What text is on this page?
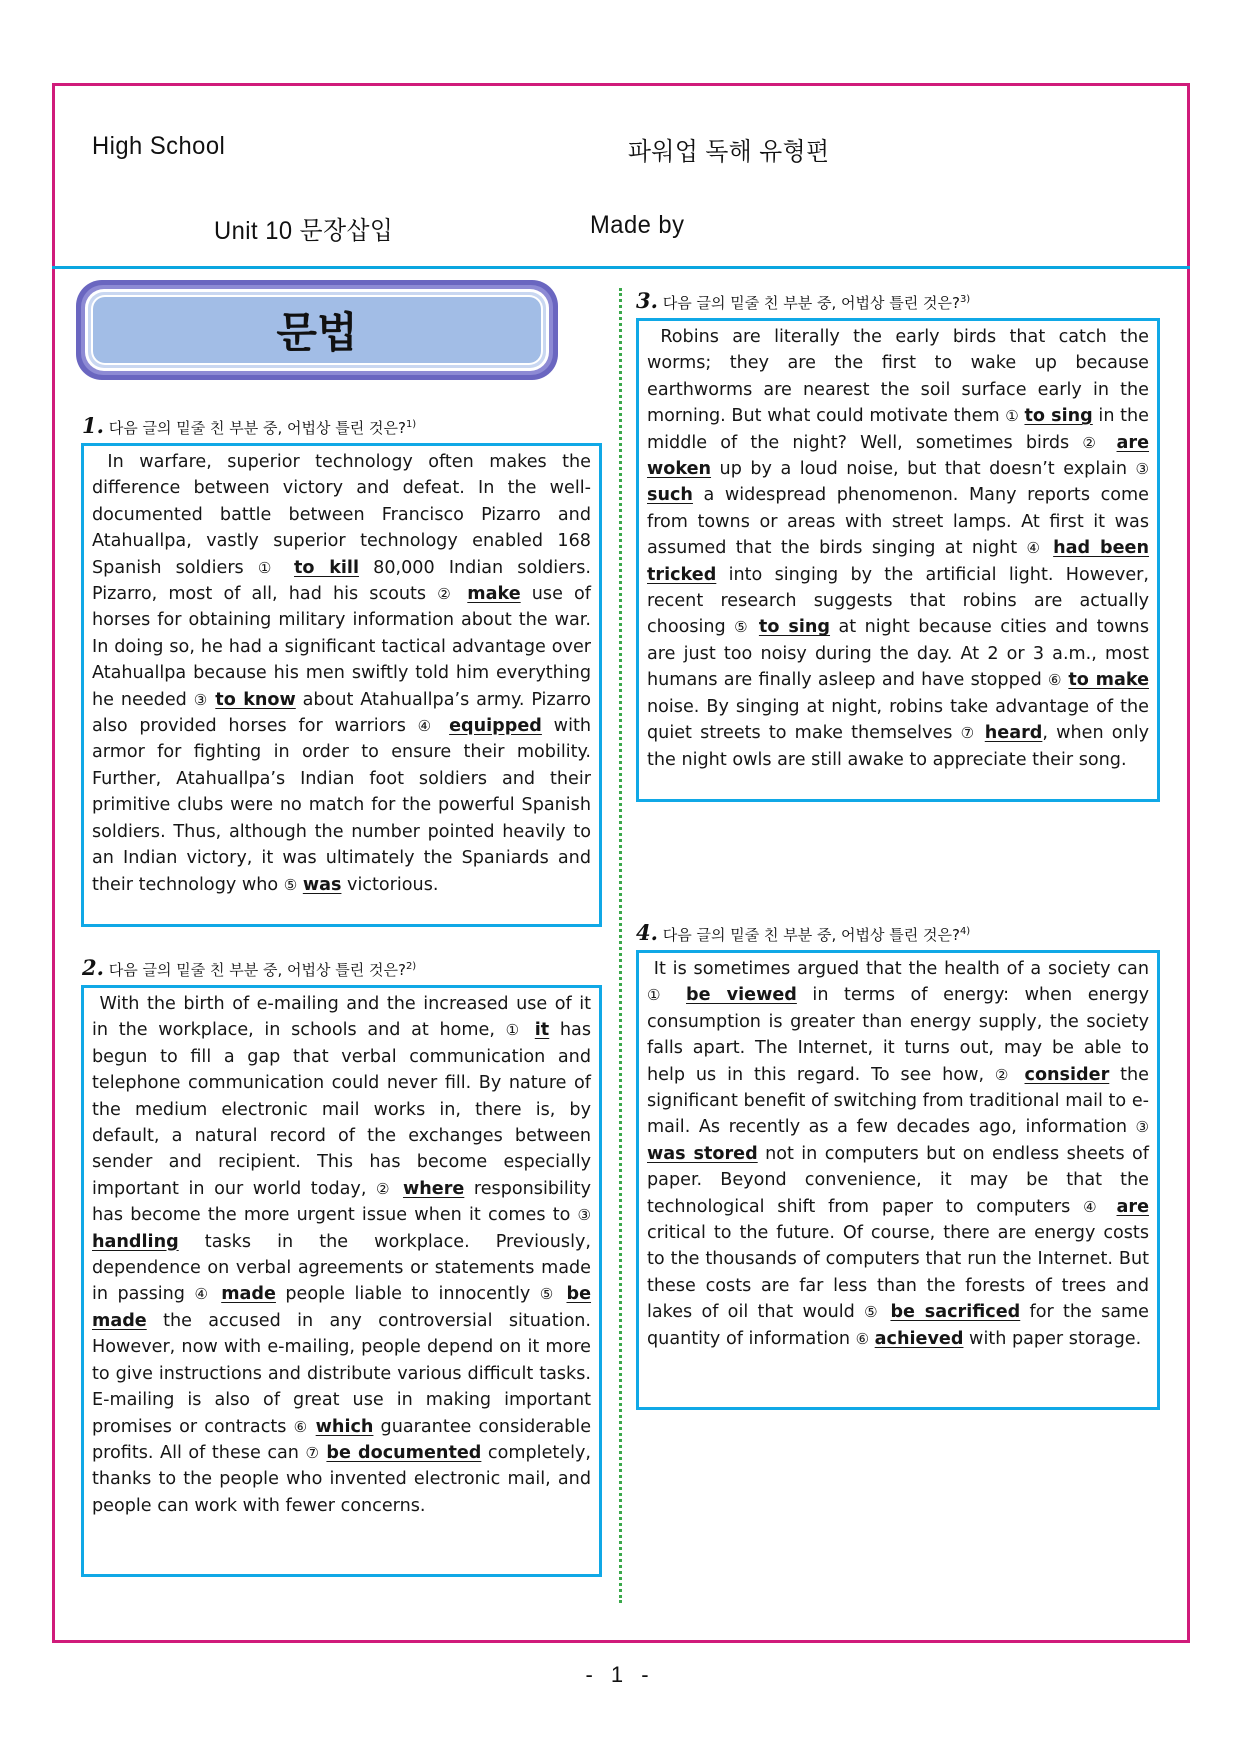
High School	파워업 독해 유형편
Unit 10 문장삽입	Made by
문법
1. 다음 글의 밑줄 친 부분 중, 어법상 틀린 것은?$^{1)}$
In warfare, superior technology often makes the difference between victory and defeat. In the well-documented battle between Francisco Pizarro and Atahuallpa, vastly superior technology enabled 168 Spanish soldiers ① to kill 80,000 Indian soldiers. Pizarro, most of all, had his scouts ② make use of horses for obtaining military information about the war. In doing so, he had a significant tactical advantage over Atahuallpa because his men swiftly told him everything he needed ③ to know about Atahuallpa’s army. Pizarro also provided horses for warriors ④ equipped with armor for fighting in order to ensure their mobility. Further, Atahuallpa’s Indian foot soldiers and their primitive clubs were no match for the powerful Spanish soldiers. Thus, although the number pointed heavily to an Indian victory, it was ultimately the Spaniards and their technology who ⑤ was victorious.
2. 다음 글의 밑줄 친 부분 중, 어법상 틀린 것은?$^{2)}$
With the birth of e-mailing and the increased use of it in the workplace, in schools and at home, ① it has begun to fill a gap that verbal communication and telephone communication could never fill. By nature of the medium electronic mail works in, there is, by default, a natural record of the exchanges between sender and recipient. This has become especially important in our world today, ② where responsibility has become the more urgent issue when it comes to ③ handling tasks in the workplace. Previously, dependence on verbal agreements or statements made in passing ④ made people liable to innocently ⑤ be made the accused in any controversial situation. However, now with e-mailing, people depend on it more to give instructions and distribute various difficult tasks. E-mailing is also of great use in making important promises or contracts ⑥ which guarantee considerable profits. All of these can ⑦ be documented completely, thanks to the people who invented electronic mail, and people can work with fewer concerns.
3. 다음 글의 밑줄 친 부분 중, 어법상 틀린 것은?$^{3)}$
Robins are literally the early birds that catch the worms; they are the first to wake up because earthworms are nearest the soil surface early in the morning. But what could motivate them ① to sing in the middle of the night? Well, sometimes birds ② are woken up by a loud noise, but that doesn’t explain ③ such a widespread phenomenon. Many reports come from towns or areas with street lamps. At first it was assumed that the birds singing at night ④ had been tricked into singing by the artificial light. However, recent research suggests that robins are actually choosing ⑤ to sing at night because cities and towns are just too noisy during the day. At 2 or 3 a.m., most humans are finally asleep and have stopped ⑥ to make noise. By singing at night, robins take advantage of the quiet streets to make themselves ⑦ heard, when only the night owls are still awake to appreciate their song.
4. 다음 글의 밑줄 친 부분 중, 어법상 틀린 것은?$^{4)}$
It is sometimes argued that the health of a society can ① be viewed in terms of energy: when energy consumption is greater than energy supply, the society falls apart. The Internet, it turns out, may be able to help us in this regard. To see how, ② consider the significant benefit of switching from traditional mail to e-mail. As recently as a few decades ago, information ③ was stored not in computers but on endless sheets of paper. Beyond convenience, it may be that the technological shift from paper to computers ④ are critical to the future. Of course, there are energy costs to the thousands of computers that run the Internet. But these costs are far less than the forests of trees and lakes of oil that would ⑤ be sacrificed for the same quantity of information ⑥ achieved with paper storage.
- 1 -
